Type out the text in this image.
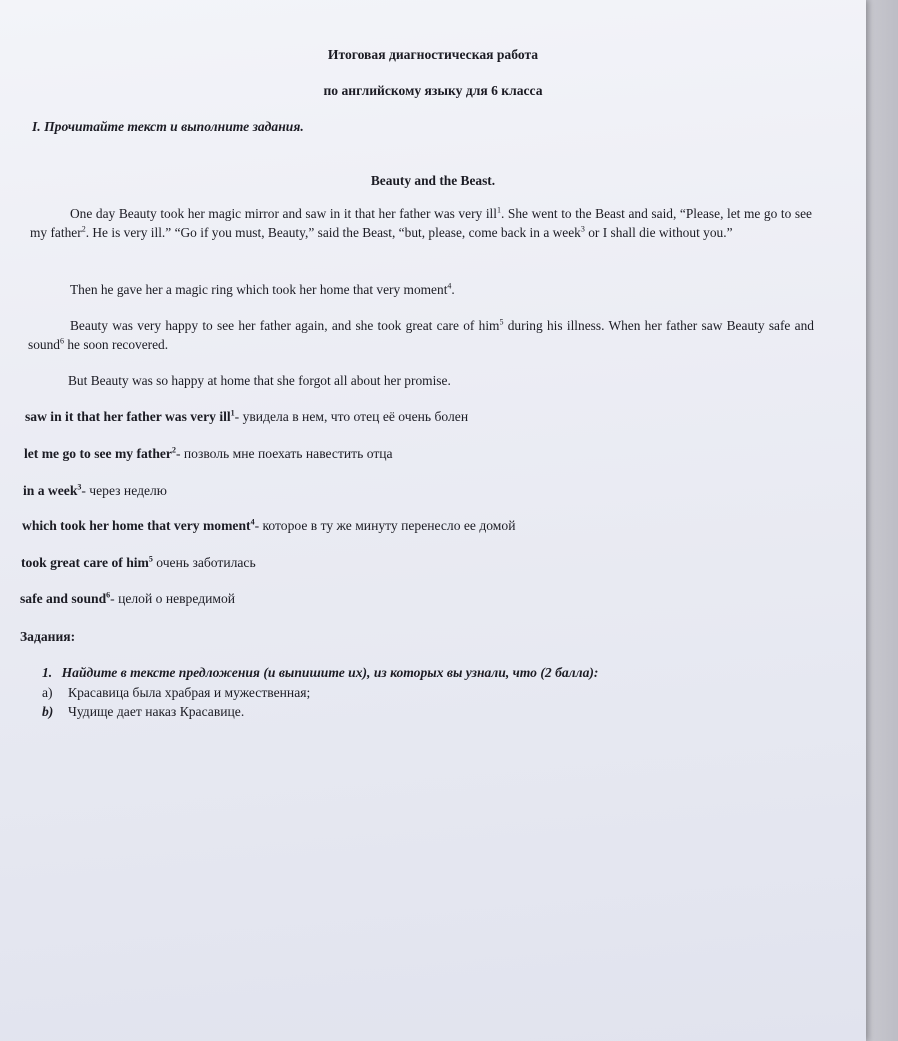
Итоговая диагностическая работа
по английскому языку для 6 класса
I. Прочитайте текст и выполните задания.
Beauty and the Beast.
One day Beauty took her magic mirror and saw in it that her father was very ill$^1$. She went to the Beast and said, “Please, let me go to see my father$^2$. He is very ill.” “Go if you must, Beauty,” said the Beast, “but, please, come back in a week$^3$ or I shall die without you.”
Then he gave her a magic ring which took her home that very moment$^4$.
Beauty was very happy to see her father again, and she took great care of him$^5$ during his illness. When her father saw Beauty safe and sound$^6$ he soon recovered.
But Beauty was so happy at home that she forgot all about her promise.
saw in it that her father was very ill$^1$- увидела в нем, что отец её очень болен
let me go to see my father$^2$- позволь мне поехать навестить отца
in a week$^3$- через неделю
which took her home that very moment$^4$- которое в ту же минуту перенесло ее домой
took great care of him$^5$ очень заботилась
safe and sound$^6$- целой о невредимой
Задания:
1. Найдите в тексте предложения (и выпишите их), из которых вы узнали, что (2 балла):
a) Красавица была храбрая и мужественная;
b) Чудище дает наказ Красавице.
